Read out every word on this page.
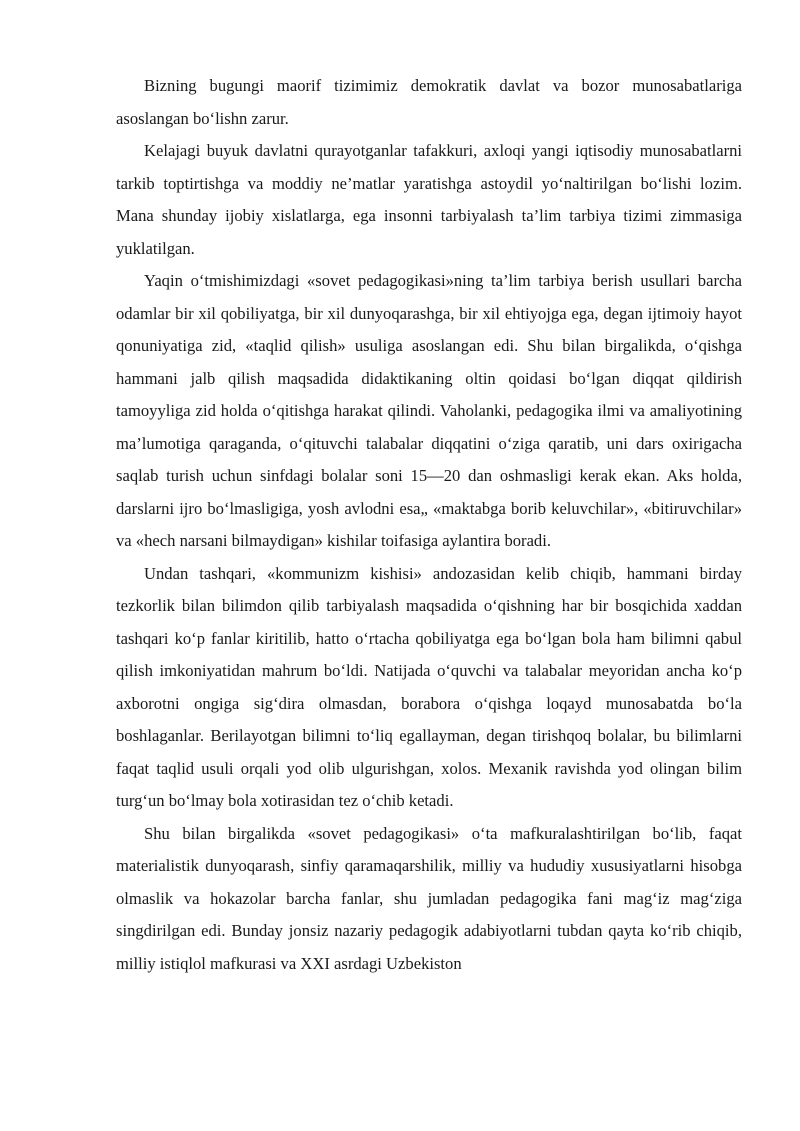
Bizning bugungi maorif tizimimiz demokratik davlat va bozor munosabatlariga asoslangan bo‘lishn zarur.

Kelajagi buyuk davlatni qurayotganlar tafakkuri, axloqi yangi iqtisodiy munosabatlarni tarkib toptirtishga va moddiy ne’matlar yaratishga astoydil yo‘naltirilgan bo‘lishi lozim. Mana shunday ijobiy xislatlarga, ega insonni tarbiyalash ta’lim tarbiya tizimi zimmasiga yuklatilgan.

Yaqin o‘tmishimizdagi «sovet pedagogikasi»ning ta’lim tarbiya berish usullari barcha odamlar bir xil qobiliyatga, bir xil dunyoqarashga, bir xil ehtiyojga ega, degan ijtimoiy hayot qonuniyatiga zid, «taqlid qilish» usuliga asoslangan edi. Shu bilan birgalikda, o‘qishga hammani jalb qilish maqsadida didaktikaning oltin qoidasi bo‘lgan diqqat qildirish tamoyyliga zid holda o‘qitishga harakat qilindi. Vaholanki, pedagogika ilmi va amaliyotining ma’lumotiga qaraganda, o‘qituvchi talabalar diqqatini o‘ziga qaratib, uni dars oxirigacha saqlab turish uchun sinfdagi bolalar soni 15—20 dan oshmasligi kerak ekan. Aks holda, darslarni ijro bo‘lmasligiga, yosh avlodni esa„ «maktabga borib keluvchilar», «bitiruvchilar» va «hech narsani bilmaydigan» kishilar toifasiga aylantira boradi.

Undan tashqari, «kommunizm kishisi» andozasidan kelib chiqib, hammani birday tezkorlik bilan bilimdon qilib tarbiyalash maqsadida o‘qishning har bir bosqichida xaddan tashqari ko‘p fanlar kiritilib, hatto o‘rtacha qobiliyatga ega bo‘lgan bola ham bilimni qabul qilish imkoniyatidan mahrum bo‘ldi. Natijada o‘quvchi va talabalar meyoridan ancha ko‘p axborotni ongiga sig‘dira olmasdan, borabora o‘qishga loqayd munosabatda bo‘la boshlaganlar. Berilayotgan bilimni to‘liq egallayman, degan tirishqoq bolalar, bu bilimlarni faqat taqlid usuli orqali yod olib ulgurishgan, xolos. Mexanik ravishda yod olingan bilim turg‘un bo‘lmay bola xotirasidan tez o‘chib ketadi.

Shu bilan birgalikda «sovet pedagogikasi» o‘ta mafkuralashtirilgan bo‘lib, faqat materialistik dunyoqarash, sinfiy qaramaqarshilik, milliy va hududiy xususiyatlarni hisobga olmaslik va hokazolar barcha fanlar, shu jumladan pedagogika fani mag‘iz mag‘ziga singdirilgan edi. Bunday jonsiz nazariy pedagogik adabiyotlarni tubdan qayta ko‘rib chiqib, milliy istiqlol mafkurasi va XXI asrdagi Uzbekiston
